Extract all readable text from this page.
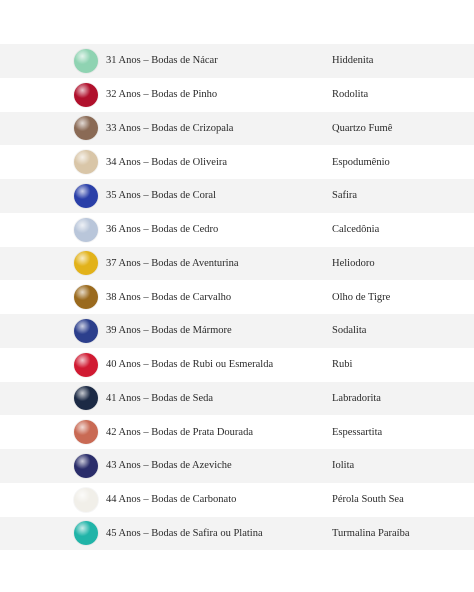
31 Anos – Bodas de Nácar	Hiddenita
32 Anos – Bodas de Pinho	Rodolita
33 Anos – Bodas de Crizopala	Quartzo Fumê
34 Anos – Bodas de Oliveira	Espodumênio
35 Anos – Bodas de Coral	Safira
36 Anos – Bodas de Cedro	Calcedônia
37 Anos – Bodas de Aventurina	Heliodoro
38 Anos – Bodas de Carvalho	Olho de Tigre
39 Anos – Bodas de Mármore	Sodalita
40 Anos – Bodas de Rubi ou Esmeralda	Rubi
41 Anos – Bodas de Seda	Labradorita
42 Anos – Bodas de Prata Dourada	Espessartita
43 Anos – Bodas de Azeviche	Iolita
44 Anos – Bodas de Carbonato	Pérola South Sea
45 Anos – Bodas de Safira ou Platina	Turmalina Paraíba
